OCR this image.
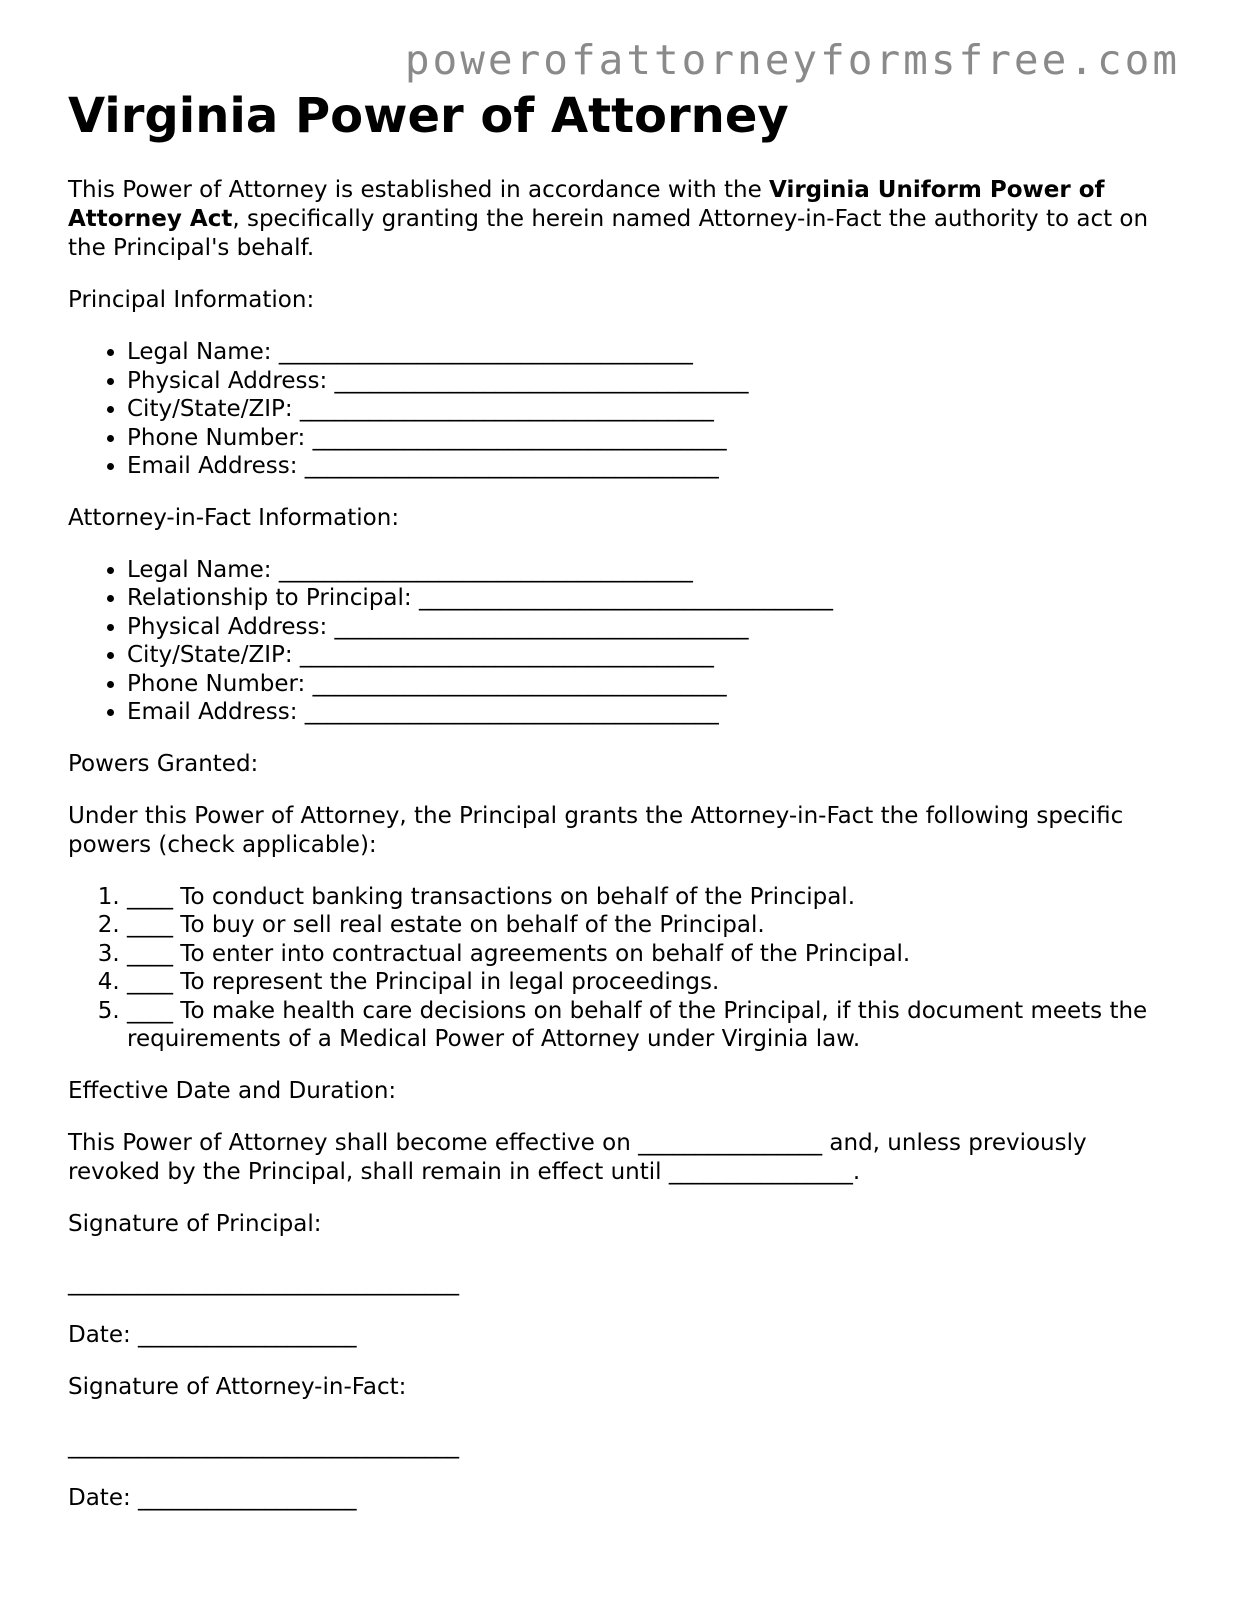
powerofattorneyformsfree.com
Virginia Power of Attorney

This Power of Attorney is established in accordance with the Virginia Uniform Power of Attorney Act, specifically granting the herein named Attorney-in-Fact the authority to act on the Principal's behalf.

Principal Information:

• Legal Name: ____________________________________
• Physical Address: ____________________________________
• City/State/ZIP: ____________________________________
• Phone Number: ____________________________________
• Email Address: ____________________________________

Attorney-in-Fact Information:

• Legal Name: ____________________________________
• Relationship to Principal: ____________________________________
• Physical Address: ____________________________________
• City/State/ZIP: ____________________________________
• Phone Number: ____________________________________
• Email Address: ____________________________________

Powers Granted:

Under this Power of Attorney, the Principal grants the Attorney-in-Fact the following specific powers (check applicable):

1. ____ To conduct banking transactions on behalf of the Principal.
2. ____ To buy or sell real estate on behalf of the Principal.
3. ____ To enter into contractual agreements on behalf of the Principal.
4. ____ To represent the Principal in legal proceedings.
5. ____ To make health care decisions on behalf of the Principal, if this document meets the requirements of a Medical Power of Attorney under Virginia law.

Effective Date and Duration:

This Power of Attorney shall become effective on ________________ and, unless previously revoked by the Principal, shall remain in effect until ________________.

Signature of Principal:

__________________________________

Date: ___________________

Signature of Attorney-in-Fact:

__________________________________

Date: ___________________
